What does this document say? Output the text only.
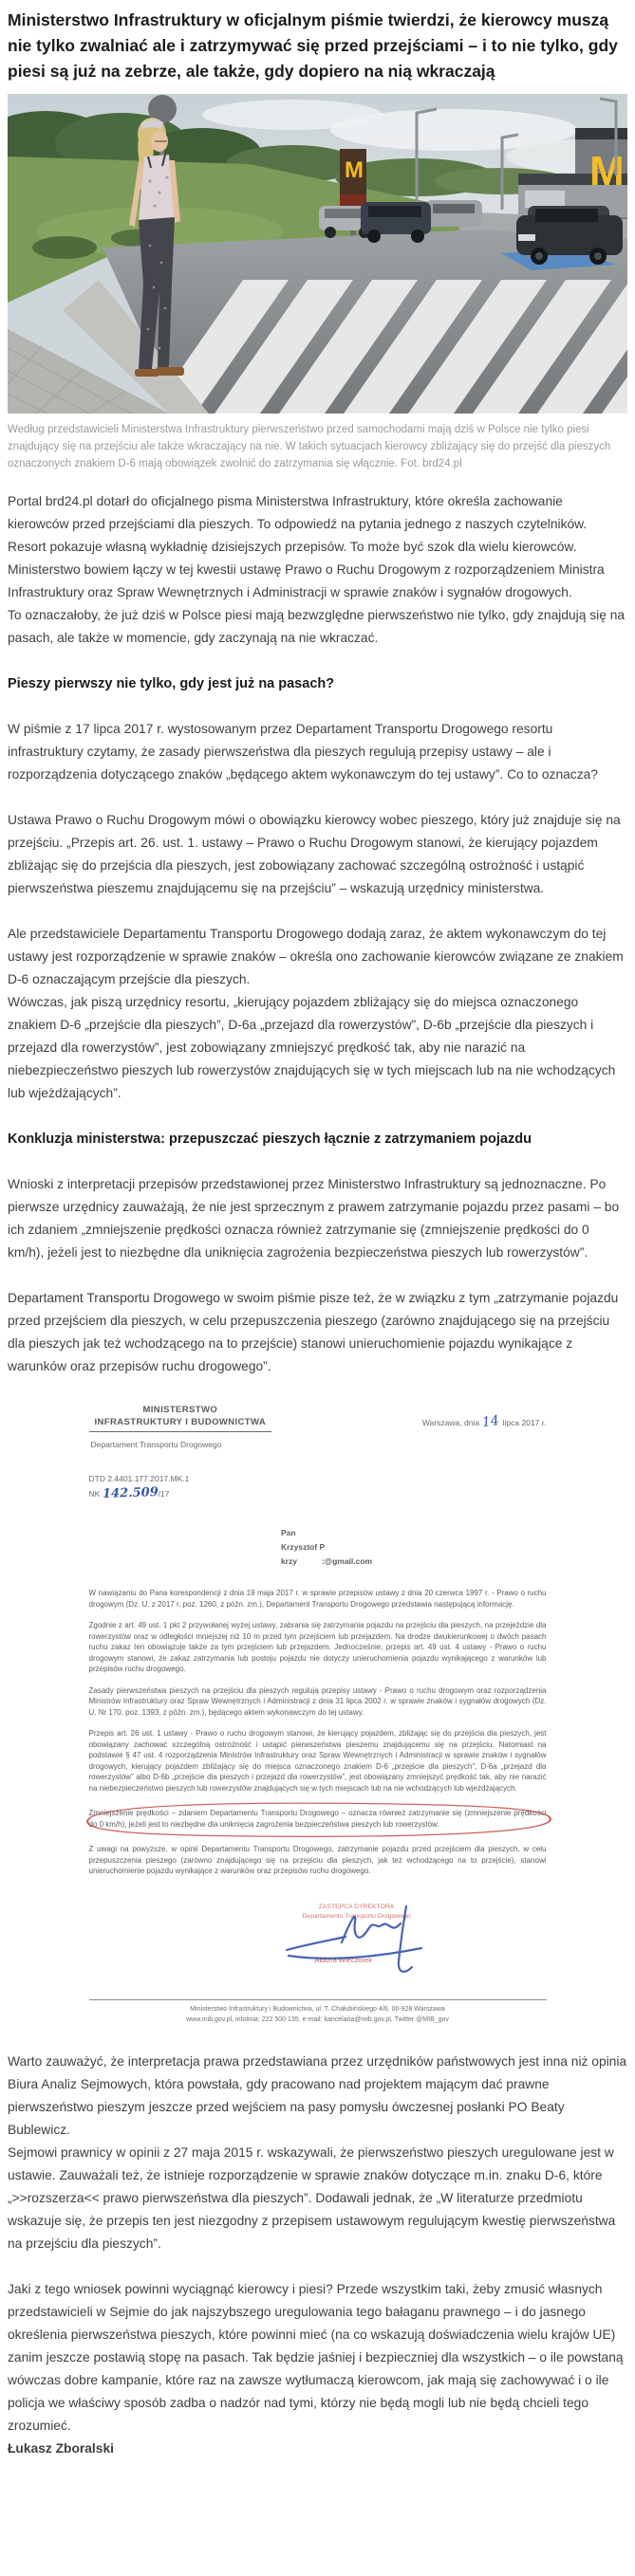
Ministerstwo Infrastruktury w oficjalnym piśmie twierdzi, że kierowcy muszą nie tylko zwalniać ale i zatrzymywać się przed przejściami – i to nie tylko, gdy piesi są już na zebrze, ale także, gdy dopiero na nią wkraczają
M
M
Według przedstawicieli Ministerstwa Infrastruktury pierwszeństwo przed samochodami mają dziś w Polsce nie tylko piesi znajdujący się na przejściu ale także wkraczający na nie. W takich sytuacjach kierowcy zbliżający się do przejść dla pieszych oznaczonych znakiem D-6 mają obowiązek zwolnić do zatrzymania się włącznie. Fot. brd24.pl

Portal brd24.pl dotarł do oficjalnego pisma Ministerstwa Infrastruktury, które określa zachowanie kierowców przed przejściami dla pieszych. To odpowiedź na pytania jednego z naszych czytelników. Resort pokazuje własną wykładnię dzisiejszych przepisów. To może być szok dla wielu kierowców.

Ministerstwo bowiem łączy w tej kwestii ustawę Prawo o Ruchu Drogowym z rozporządzeniem Ministra Infrastruktury oraz Spraw Wewnętrznych i Administracji w sprawie znaków i sygnałów drogowych.

To oznaczałoby, że już dziś w Polsce piesi mają bezwzględne pierwszeństwo nie tylko, gdy znajdują się na pasach, ale także w momencie, gdy zaczynają na nie wkraczać.

Pieszy pierwszy nie tylko, gdy jest już na pasach?

W piśmie z 17 lipca 2017 r. wystosowanym przez Departament Transportu Drogowego resortu infrastruktury czytamy, że zasady pierwszeństwa dla pieszych regulują przepisy ustawy – ale i rozporządzenia dotyczącego znaków „będącego aktem wykonawczym do tej ustawy”. Co to oznacza?

Ustawa Prawo o Ruchu Drogowym mówi o obowiązku kierowcy wobec pieszego, który już znajduje się na przejściu. „Przepis art. 26. ust. 1. ustawy – Prawo o Ruchu Drogowym stanowi, że kierujący pojazdem zbliżając się do przejścia dla pieszych, jest zobowiązany zachować szczególną ostrożność i ustąpić pierwszeństwa pieszemu znajdującemu się na przejściu” – wskazują urzędnicy ministerstwa.

Ale przedstawiciele Departamentu Transportu Drogowego dodają zaraz, że aktem wykonawczym do tej ustawy jest rozporządzenie w sprawie znaków – określa ono zachowanie kierowców związane ze znakiem D-6 oznaczającym przejście dla pieszych.

Wówczas, jak piszą urzędnicy resortu, „kierujący pojazdem zbliżający się do miejsca oznaczonego znakiem D-6 „przejście dla pieszych”, D-6a „przejazd dla rowerzystów”, D-6b „przejście dla pieszych i przejazd dla rowerzystów”, jest zobowiązany zmniejszyć prędkość tak, aby nie narazić na niebezpieczeństwo pieszych lub rowerzystów znajdujących się w tych miejscach lub na nie wchodzących lub wjeżdżających”.

Konkluzja ministerstwa: przepuszczać pieszych łącznie z zatrzymaniem pojazdu

Wnioski z interpretacji przepisów przedstawionej przez Ministerstwo Infrastruktury są jednoznaczne. Po pierwsze urzędnicy zauważają, że nie jest sprzecznym z prawem zatrzymanie pojazdu przez pasami – bo ich zdaniem „zmniejszenie prędkości oznacza również zatrzymanie się (zmniejszenie prędkości do 0 km/h), jeżeli jest to niezbędne dla uniknięcia zagrożenia bezpieczeństwa pieszych lub rowerzystów”.

Departament Transportu Drogowego w swoim piśmie pisze też, że w związku z tym „zatrzymanie pojazdu przed przejściem dla pieszych, w celu przepuszczenia pieszego (zarówno znajdującego się na przejściu dla pieszych jak też wchodzącego na to przejście) stanowi unieruchomienie pojazdu wynikające z warunków oraz przepisów ruchu drogowego”.

MINISTERSTWO
INFRASTRUKTURY I BUDOWNICTWA
Departament Transportu Drogowego
Warszawa, dnia 14 lipca 2017 r.
DTD 2.4401.177.2017.MK.1
NK 142.509/17
Pan
Krzysztof P
krzy	:@gmail.com

W nawiązaniu do Pana korespondencji z dnia 19 maja 2017 r. w sprawie przepisów ustawy z dnia 20 czerwca 1997 r. - Prawo o ruchu drogowym (Dz. U. z 2017 r. poz. 1260, z późn. zm.), Departament Transportu Drogowego przedstawia następującą informację.

Zgodnie z art. 49 ust. 1 pkt 2 przywołanej wyżej ustawy, zabrania się zatrzymania pojazdu na przejściu dla pieszych, na przejeździe dla rowerzystów oraz w odległości mniejszej niż 10 m przed tym przejściem lub przejazdem. Na drodze dwukierunkowej o dwóch pasach ruchu zakaz ten obowiązuje także za tym przejściem lub przejazdem. Jednocześnie, przepis art. 49 ust. 4 ustawy - Prawo o ruchu drogowym stanowi, że zakaz zatrzymania lub postoju pojazdu nie dotyczy unieruchomienia pojazdu wynikającego z warunków lub przepisów ruchu drogowego.

Zasady pierwszeństwa pieszych na przejściu dla pieszych regulują przepisy ustawy - Prawo o ruchu drogowym oraz rozporządzenia Ministrów Infrastruktury oraz Spraw Wewnętrznych i Administracji z dnia 31 lipca 2002 r. w sprawie znaków i sygnałów drogowych (Dz. U. Nr 170, poz. 1393, z późn. zm.), będącego aktem wykonawczym do tej ustawy.

Przepis art. 26 ust. 1 ustawy - Prawo o ruchu drogowym stanowi, że kierujący pojazdem, zbliżając się do przejścia dla pieszych, jest obowiązany zachować szczególną ostrożność i ustąpić pierwszeństwa pieszemu znajdującemu się na przejściu. Natomiast na podstawie § 47 ust. 4 rozporządzenia Ministrów Infrastruktury oraz Spraw Wewnętrznych i Administracji w sprawie znaków i sygnałów drogowych, kierujący pojazdem zbliżający się do miejsca oznaczonego znakiem D-6 „przejście dla pieszych”, D-6a „przejazd dla rowerzystów” albo D-6b „przejście dla pieszych i przejazd dla rowerzystów”, jest obowiązany zmniejszyć prędkość tak, aby nie narazić na niebezpieczeństwo pieszych lub rowerzystów znajdujących się w tych miejscach lub na nie wchodzących lub wjeżdżających.

Zmniejszenie prędkości – zdaniem Departamentu Transportu Drogowego – oznacza również zatrzymanie się (zmniejszenie prędkości do 0 km/h), jeżeli jest to niezbędne dla uniknięcia zagrożenia bezpieczeństwa pieszych lub rowerzystów.

Z uwagi na powyższe, w opinii Departamentu Transportu Drogowego, zatrzymanie pojazdu przed przejściem dla pieszych, w celu przepuszczenia pieszego (zarówno znajdującego się na przejściu dla pieszych, jak też wchodzącego na to przejście), stanowi unieruchomienie pojazdu wynikające z warunków oraz przepisów ruchu drogowego.

ZASTĘPCA DYREKTORA
Departamentu Transportu Drogowego
Aldona Wieczorek
Ministerstwo Infrastruktury i Budownictwa, ul. T. Chałubińskiego 4/6, 00-928 Warszawa
www.mib.gov.pl, infolinia: 222 500 135, e-mail: kancelaria@mib.gov.pl, Twitter @MIB_gov

Warto zauważyć, że interpretacja prawa przedstawiana przez urzędników państwowych jest inna niż opinia Biura Analiz Sejmowych, która powstała, gdy pracowano nad projektem mającym dać prawne pierwszeństwo pieszym jeszcze przed wejściem na pasy pomysłu ówczesnej posłanki PO Beaty Bublewicz.

Sejmowi prawnicy w opinii z 27 maja 2015 r. wskazywali, że pierwszeństwo pieszych uregulowane jest w ustawie. Zauważali też, że istnieje rozporządzenie w sprawie znaków dotyczące m.in. znaku D-6, które „>>rozszerza<< prawo pierwszeństwa dla pieszych”. Dodawali jednak, że „W literaturze przedmiotu wskazuje się, że przepis ten jest niezgodny z przepisem ustawowym regulującym kwestię pierwszeństwa na przejściu dla pieszych”.

Jaki z tego wniosek powinni wyciągnąć kierowcy i piesi? Przede wszystkim taki, żeby zmusić własnych przedstawicieli w Sejmie do jak najszybszego uregulowania tego bałaganu prawnego – i do jasnego określenia pierwszeństwa pieszych, które powinni mieć (na co wskazują doświadczenia wielu krajów UE) zanim jeszcze postawią stopę na pasach. Tak będzie jaśniej i bezpieczniej dla wszystkich – o ile powstaną wówczas dobre kampanie, które raz na zawsze wytłumaczą kierowcom, jak mają się zachowywać i o ile policja we właściwy sposób zadba o nadzór nad tymi, którzy nie będą mogli lub nie będą chcieli tego zrozumieć.

Łukasz Zboralski
